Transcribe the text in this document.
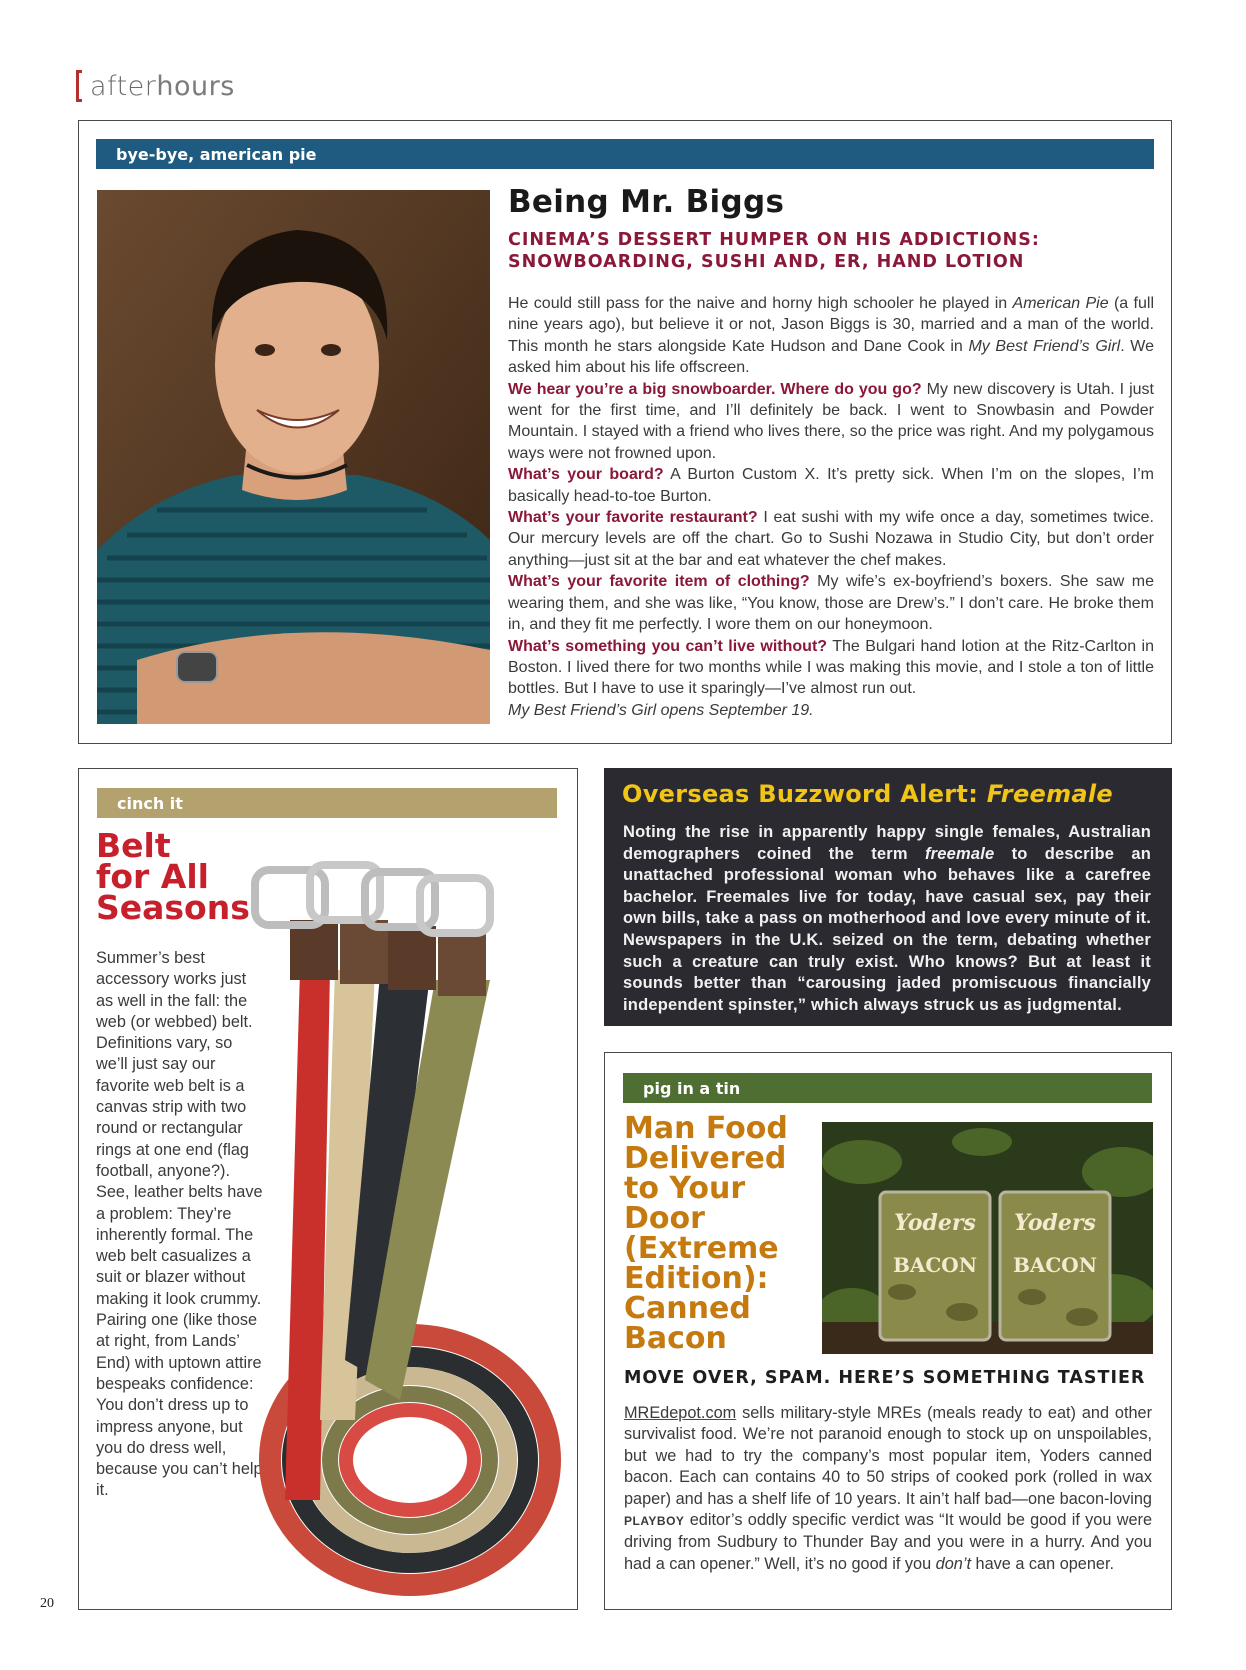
after hours
bye-bye, american pie
Being Mr. Biggs
CINEMA’S DESSERT HUMPER ON HIS ADDICTIONS:
SNOWBOARDING, SUSHI AND, ER, HAND LOTION

He could still pass for the naive and horny high schooler he played in American Pie (a full nine years ago), but believe it or not, Jason Biggs is 30, married and a man of the world. This month he stars alongside Kate Hudson and Dane Cook in My Best Friend’s Girl. We asked him about his life offscreen.

We hear you’re a big snowboarder. Where do you go? My new discovery is Utah. I just went for the first time, and I’ll definitely be back. I went to Snowbasin and Powder Mountain. I stayed with a friend who lives there, so the price was right. And my polygamous ways were not frowned upon.

What’s your board? A Burton Custom X. It’s pretty sick. When I’m on the slopes, I’m basically head-to-toe Burton.

What’s your favorite restaurant? I eat sushi with my wife once a day, sometimes twice. Our mercury levels are off the chart. Go to Sushi Nozawa in Studio City, but don’t order anything—just sit at the bar and eat whatever the chef makes.

What’s your favorite item of clothing? My wife’s ex-boyfriend’s boxers. She saw me wearing them, and she was like, “You know, those are Drew’s.” I don’t care. He broke them in, and they fit me perfectly. I wore them on our honeymoon.

What’s something you can’t live without? The Bulgari hand lotion at the Ritz-Carlton in Boston. I lived there for two months while I was making this movie, and I stole a ton of little bottles. But I have to use it sparingly—I’ve almost run out.

My Best Friend’s Girl opens September 19.

cinch it
Belt
for All
Seasons
Summer’s best accessory works just as well in the fall: the web (or webbed) belt. Definitions vary, so we’ll just say our favorite web belt is a canvas strip with two round or rectangular rings at one end (flag football, anyone?). See, leather belts have a problem: They’re inherently formal. The web belt casualizes a suit or blazer without making it look crummy. Pairing one (like those at right, from Lands’ End) with uptown attire bespeaks confidence: You don’t dress up to impress anyone, but you do dress well, because you can’t help it.
Overseas Buzzword Alert: Freemale
Noting the rise in apparently happy single females, Australian demographers coined the term freemale to describe an unattached professional woman who behaves like a carefree bachelor. Freemales live for today, have casual sex, pay their own bills, take a pass on motherhood and love every minute of it. Newspapers in the U.K. seized on the term, debating whether such a creature can truly exist. Who knows? But at least it sounds better than “carousing jaded promiscuous financially independent spinster,” which always struck us as judgmental.
pig in a tin
Man Food Delivered to Your Door (Extreme Edition): Canned Bacon
Yoders
BACON
Yoders
BACON
MOVE OVER, SPAM. HERE’S SOMETHING TASTIER
MREdepot.com sells military-style MREs (meals ready to eat) and other survivalist food. We’re not paranoid enough to stock up on unspoilables, but we had to try the company’s most popular item, Yoders canned bacon. Each can contains 40 to 50 strips of cooked pork (rolled in wax paper) and has a shelf life of 10 years. It ain’t half bad—one bacon-loving PLAYBOY editor’s oddly specific verdict was “It would be good if you were driving from Sudbury to Thunder Bay and you were in a hurry. And you had a can opener.” Well, it’s no good if you don’t have a can opener.
20
